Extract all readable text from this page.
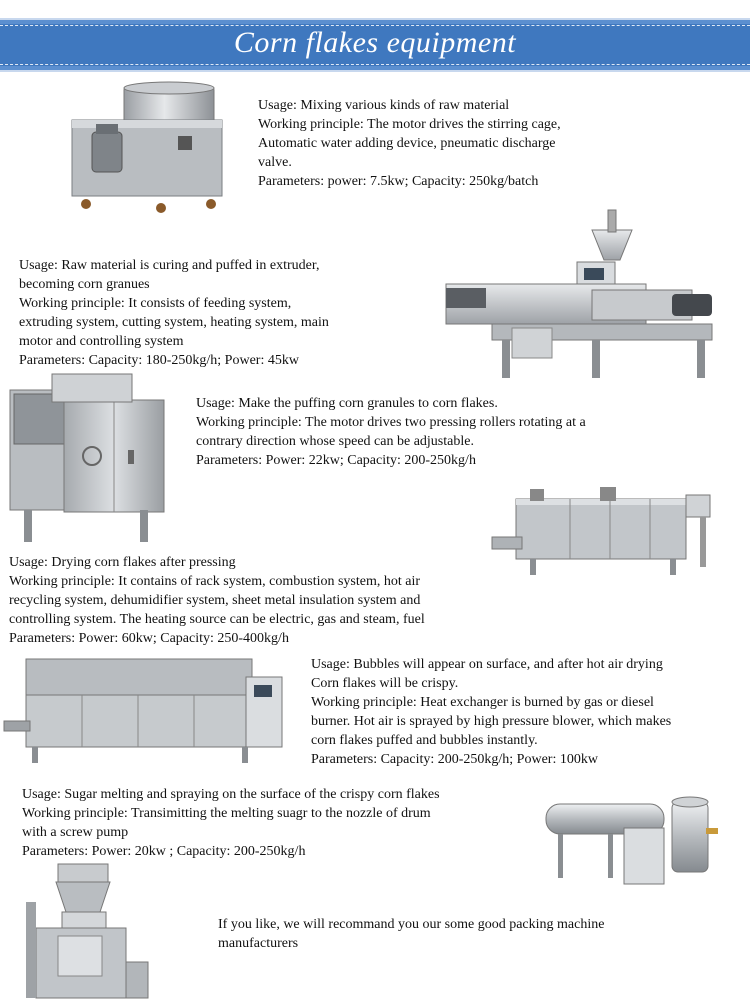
Corn flakes equipment
Usage: Mixing various kinds of raw material
Working principle: The motor drives the stirring cage,
Automatic water adding device, pneumatic discharge
valve.
Parameters: power: 7.5kw; Capacity: 250kg/batch
Usage: Raw material is curing and puffed in extruder,
becoming corn granues
Working principle: It consists of feeding system,
extruding system, cutting system, heating system, main
motor and controlling system
Parameters: Capacity: 180-250kg/h; Power: 45kw
Usage: Make the puffing corn granules to corn flakes.
Working principle: The motor drives two pressing rollers rotating at a
contrary direction whose speed can be adjustable.
Parameters: Power: 22kw; Capacity: 200-250kg/h
Usage: Drying corn flakes after pressing
Working principle: It contains of rack system, combustion system, hot air
recycling system, dehumidifier system, sheet metal insulation system and
controlling system. The heating source can be electric, gas and steam, fuel
Parameters: Power: 60kw; Capacity: 250-400kg/h
Usage: Bubbles will appear on surface, and after hot air drying
Corn flakes will be crispy.
Working principle: Heat exchanger is burned by gas or diesel
burner. Hot air is sprayed by high pressure blower, which makes
corn flakes puffed and bubbles instantly.
Parameters: Capacity: 200-250kg/h; Power: 100kw
Usage: Sugar melting and spraying on the surface of the crispy corn flakes
Working principle: Transimitting the melting suagr to the nozzle of drum
with a screw pump
Parameters: Power: 20kw ; Capacity: 200-250kg/h
If you like, we will recommand you our some good packing machine
manufacturers
